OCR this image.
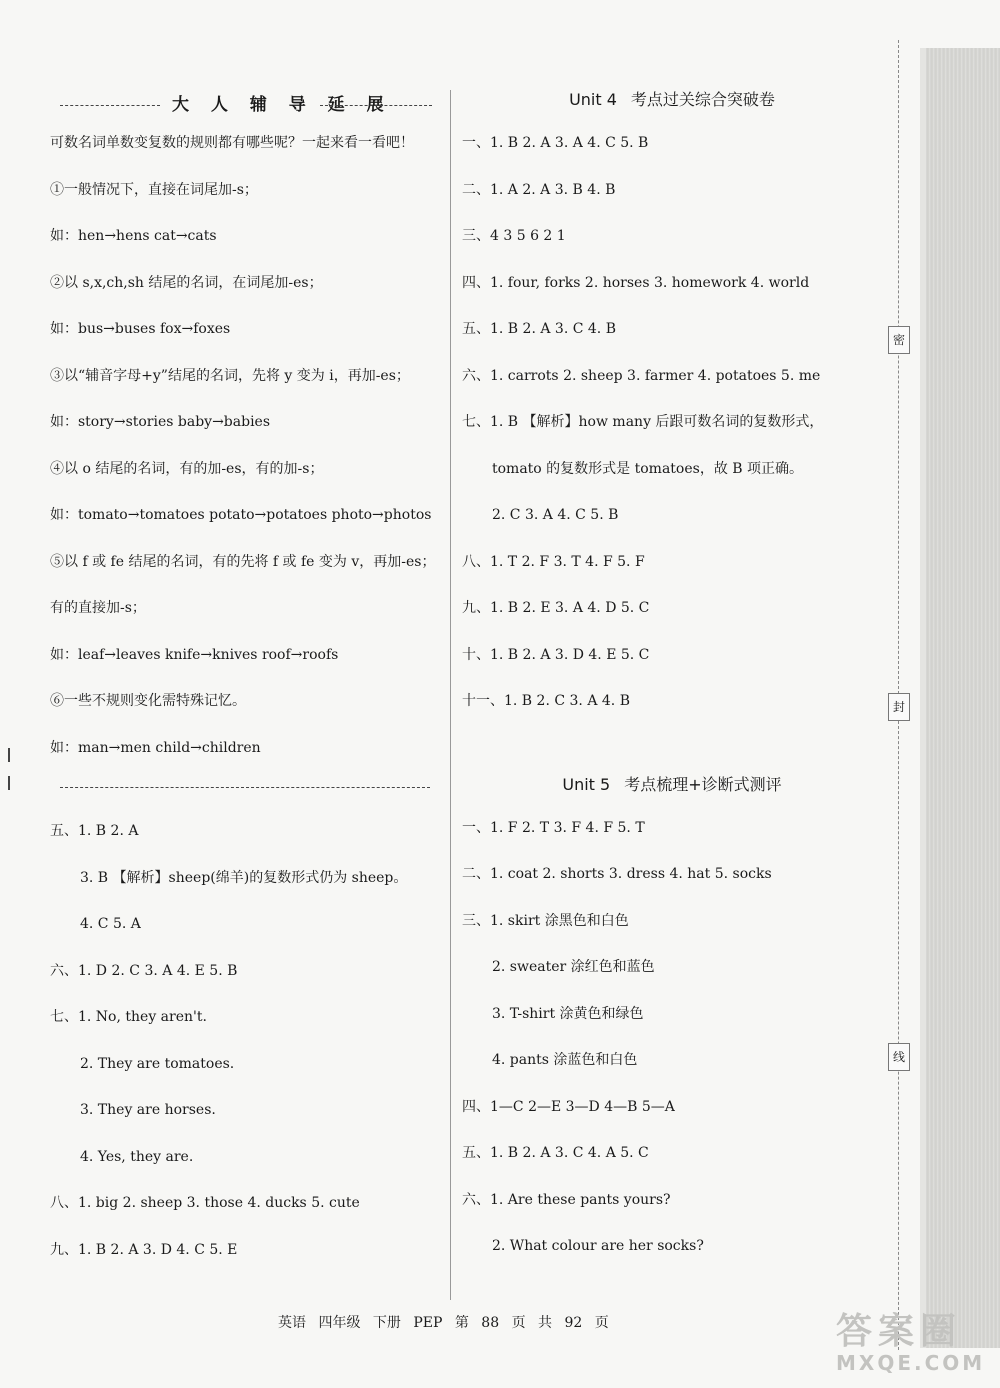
大 人 辅 导 延 展
可数名词单数变复数的规则都有哪些呢？一起来看一看吧！
①一般情况下，直接在词尾加-s；
如：hen→hens cat→cats
②以 s,x,ch,sh 结尾的名词，在词尾加-es；
如：bus→buses fox→foxes
③以“辅音字母+y”结尾的名词，先将 y 变为 i，再加-es；
如：story→stories baby→babies
④以 o 结尾的名词，有的加-es，有的加-s；
如：tomato→tomatoes potato→potatoes photo→photos
⑤以 f 或 fe 结尾的名词，有的先将 f 或 fe 变为 v，再加-es；
有的直接加-s；
如：leaf→leaves knife→knives roof→roofs
⑥一些不规则变化需特殊记忆。
如：man→men child→children
五、1. B 2. A
3. B 【解析】sheep(绵羊)的复数形式仍为 sheep。
4. C 5. A
六、1. D 2. C 3. A 4. E 5. B
七、1. No, they aren't.
2. They are tomatoes.
3. They are horses.
4. Yes, they are.
八、1. big 2. sheep 3. those 4. ducks 5. cute
九、1. B 2. A 3. D 4. C 5. E
Unit 4 考点过关综合突破卷
一、1. B 2. A 3. A 4. C 5. B
二、1. A 2. A 3. B 4. B
三、4 3 5 6 2 1
四、1. four, forks 2. horses 3. homework 4. world
五、1. B 2. A 3. C 4. B
六、1. carrots 2. sheep 3. farmer 4. potatoes 5. me
七、1. B 【解析】how many 后跟可数名词的复数形式，
tomato 的复数形式是 tomatoes，故 B 项正确。
2. C 3. A 4. C 5. B
八、1. T 2. F 3. T 4. F 5. F
九、1. B 2. E 3. A 4. D 5. C
十、1. B 2. A 3. D 4. E 5. C
十一、1. B 2. C 3. A 4. B
Unit 5 考点梳理+诊断式测评
一、1. F 2. T 3. F 4. F 5. T
二、1. coat 2. shorts 3. dress 4. hat 5. socks
三、1. skirt 涂黑色和白色
2. sweater 涂红色和蓝色
3. T-shirt 涂黄色和绿色
4. pants 涂蓝色和白色
四、1—C 2—E 3—D 4—B 5—A
五、1. B 2. A 3. C 4. A 5. C
六、1. Are these pants yours?
2. What colour are her socks?
密
封
线
英语 四年级 下册 PEP 第 88 页 共 92 页	答案圈
MXQE.COM
